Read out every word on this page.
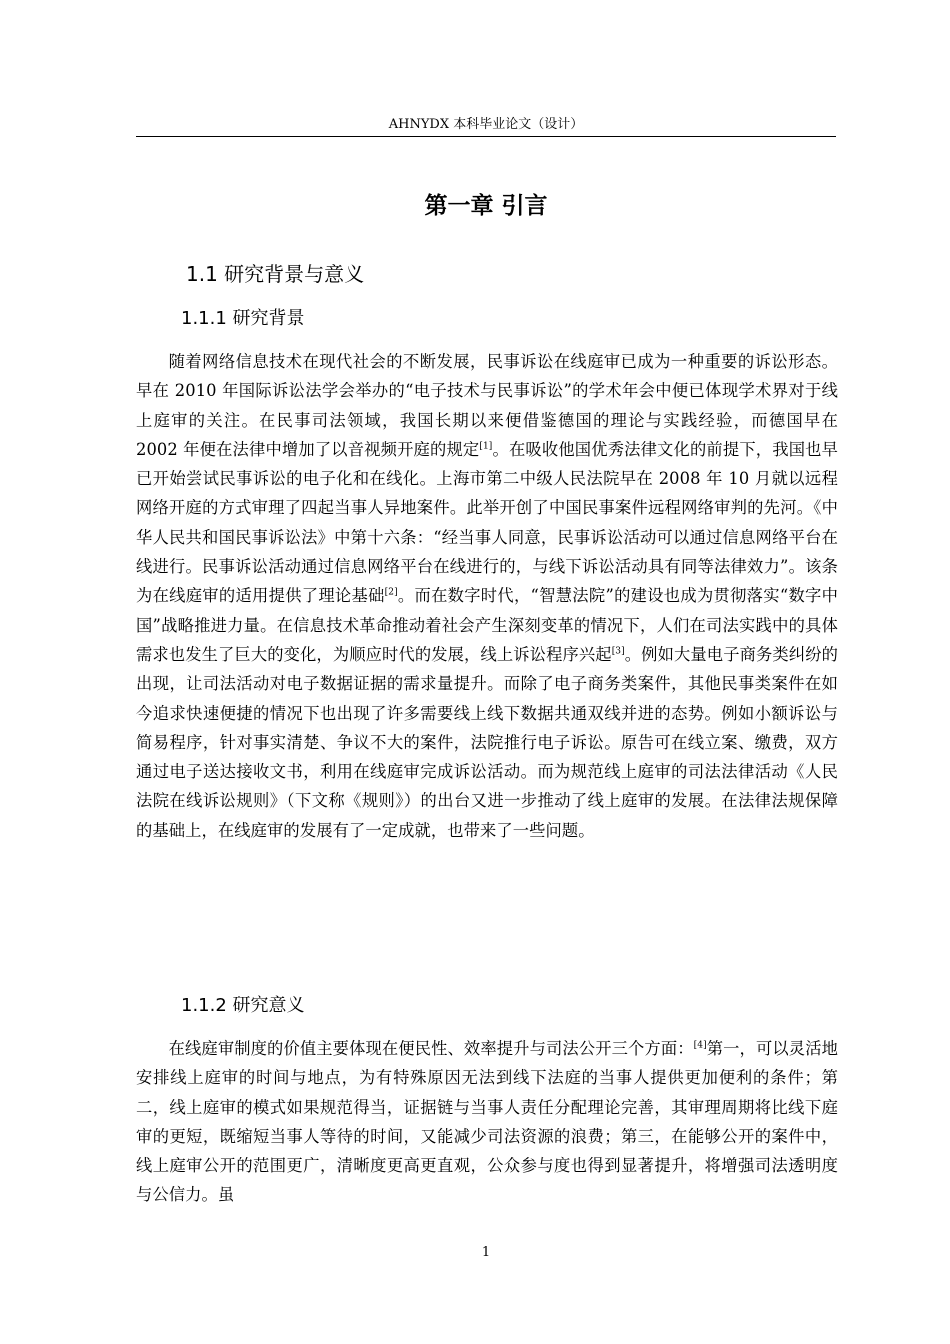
AHNYDX 本科毕业论文（设计）
第一章 引言
1.1 研究背景与意义
1.1.1 研究背景

随着网络信息技术在现代社会的不断发展，民事诉讼在线庭审已成为一种重要的诉讼形态。早在 2010 年国际诉讼法学会举办的“电子技术与民事诉讼”的学术年会中便已体现学术界对于线上庭审的关注。在民事司法领域，我国长期以来便借鉴德国的理论与实践经验，而德国早在 2002 年便在法律中增加了以音视频开庭的规定[1]。在吸收他国优秀法律文化的前提下，我国也早已开始尝试民事诉讼的电子化和在线化。上海市第二中级人民法院早在 2008 年 10 月就以远程网络开庭的方式审理了四起当事人异地案件。此举开创了中国民事案件远程网络审判的先河。《中华人民共和国民事诉讼法》中第十六条：“经当事人同意，民事诉讼活动可以通过信息网络平台在线进行。民事诉讼活动通过信息网络平台在线进行的，与线下诉讼活动具有同等法律效力”。该条为在线庭审的适用提供了理论基础[2]。而在数字时代，“智慧法院”的建设也成为贯彻落实“数字中国”战略推进力量。在信息技术革命推动着社会产生深刻变革的情况下，人们在司法实践中的具体需求也发生了巨大的变化，为顺应时代的发展，线上诉讼程序兴起[3]。例如大量电子商务类纠纷的出现，让司法活动对电子数据证据的需求量提升。而除了电子商务类案件，其他民事类案件在如今追求快速便捷的情况下也出现了许多需要线上线下数据共通双线并进的态势。例如小额诉讼与简易程序，针对事实清楚、争议不大的案件，法院推行电子诉讼。原告可在线立案、缴费，双方通过电子送达接收文书，利用在线庭审完成诉讼活动。而为规范线上庭审的司法法律活动《人民法院在线诉讼规则》（下文称《规则》）的出台又进一步推动了线上庭审的发展。在法律法规保障的基础上，在线庭审的发展有了一定成就，也带来了一些问题。

1.1.2 研究意义

在线庭审制度的价值主要体现在便民性、效率提升与司法公开三个方面：[4]第一，可以灵活地安排线上庭审的时间与地点，为有特殊原因无法到线下法庭的当事人提供更加便利的条件；第二，线上庭审的模式如果规范得当，证据链与当事人责任分配理论完善，其审理周期将比线下庭审的更短，既缩短当事人等待的时间，又能减少司法资源的浪费；第三，在能够公开的案件中，线上庭审公开的范围更广，清晰度更高更直观，公众参与度也得到显著提升，将增强司法透明度与公信力。虽

1
